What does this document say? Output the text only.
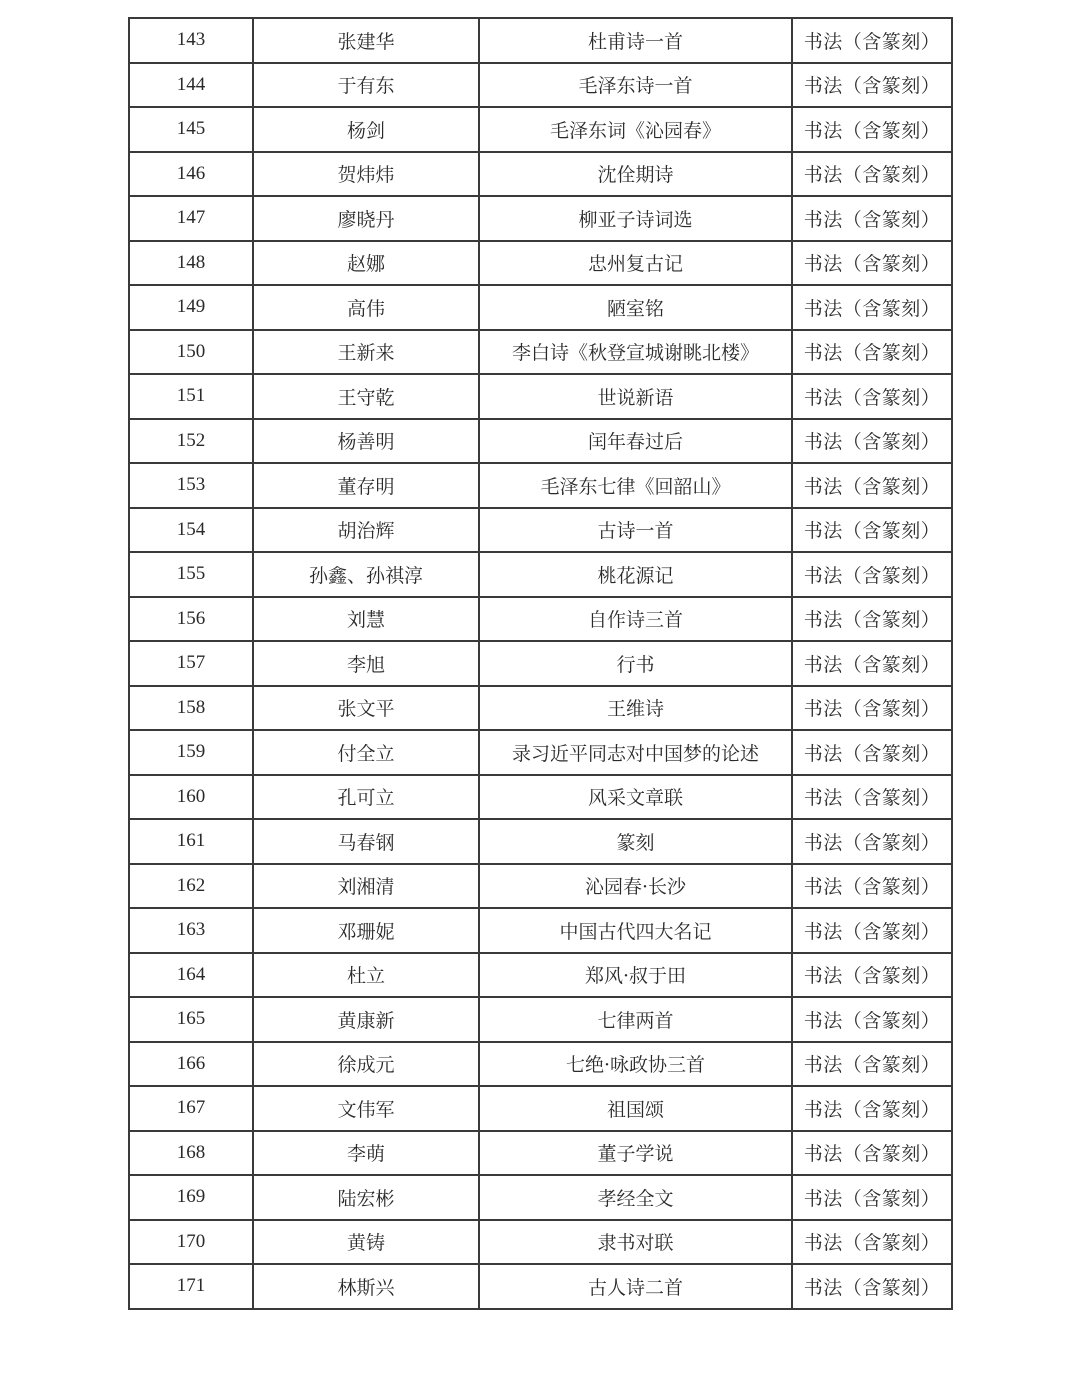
143	张建华	杜甫诗一首	书法（含篆刻）
144	于有东	毛泽东诗一首	书法（含篆刻）
145	杨剑	毛泽东词《沁园春》	书法（含篆刻）
146	贺炜炜	沈佺期诗	书法（含篆刻）
147	廖晓丹	柳亚子诗词选	书法（含篆刻）
148	赵娜	忠州复古记	书法（含篆刻）
149	高伟	陋室铭	书法（含篆刻）
150	王新来	李白诗《秋登宣城谢眺北楼》	书法（含篆刻）
151	王守乾	世说新语	书法（含篆刻）
152	杨善明	闰年春过后	书法（含篆刻）
153	董存明	毛泽东七律《回韶山》	书法（含篆刻）
154	胡治辉	古诗一首	书法（含篆刻）
155	孙鑫、孙祺淳	桃花源记	书法（含篆刻）
156	刘慧	自作诗三首	书法（含篆刻）
157	李旭	行书	书法（含篆刻）
158	张文平	王维诗	书法（含篆刻）
159	付全立	录习近平同志对中国梦的论述	书法（含篆刻）
160	孔可立	风采文章联	书法（含篆刻）
161	马春钢	篆刻	书法（含篆刻）
162	刘湘清	沁园春·长沙	书法（含篆刻）
163	邓珊妮	中国古代四大名记	书法（含篆刻）
164	杜立	郑风·叔于田	书法（含篆刻）
165	黄康新	七律两首	书法（含篆刻）
166	徐成元	七绝·咏政协三首	书法（含篆刻）
167	文伟军	祖国颂	书法（含篆刻）
168	李萌	董子学说	书法（含篆刻）
169	陆宏彬	孝经全文	书法（含篆刻）
170	黄铸	隶书对联	书法（含篆刻）
171	林斯兴	古人诗二首	书法（含篆刻）
